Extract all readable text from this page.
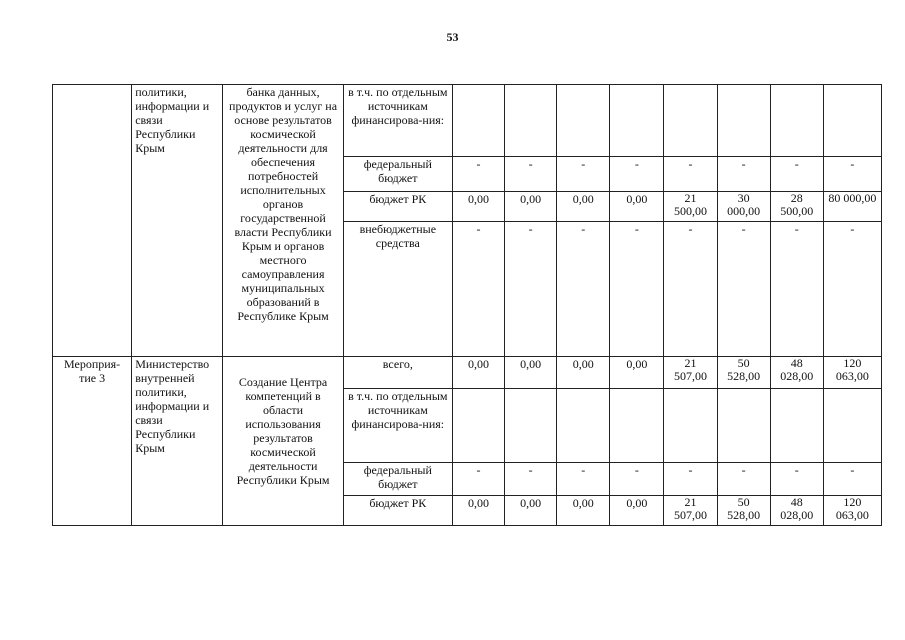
53
	политики, информации и связи Республики Крым	банка данных, продуктов и услуг на основе результатов космической деятельности для обеспечения потребностей исполнительных органов государственной власти Республики Крым и органов местного самоуправления муниципальных образований в Республике Крым	в т.ч. по отдельным источникам финансирова-ния:								
			федеральный бюджет	-	-	-	-	-	-	-	-
			бюджет РК	0,00	0,00	0,00	0,00	21 500,00	30 000,00	28 500,00	80 000,00
			внебюджетные средства	-	-	-	-	-	-	-	-
Мероприя-тие 3	Министерство внутренней политики, информации и связи Республики Крым	Создание Центра компетенций в области использования результатов космической деятельности Республики Крым	всего,	0,00	0,00	0,00	0,00	21 507,00	50 528,00	48 028,00	120 063,00
			в т.ч. по отдельным источникам финансирова-ния:								
			федеральный бюджет	-	-	-	-	-	-	-	-
			бюджет РК	0,00	0,00	0,00	0,00	21 507,00	50 528,00	48 028,00	120 063,00
